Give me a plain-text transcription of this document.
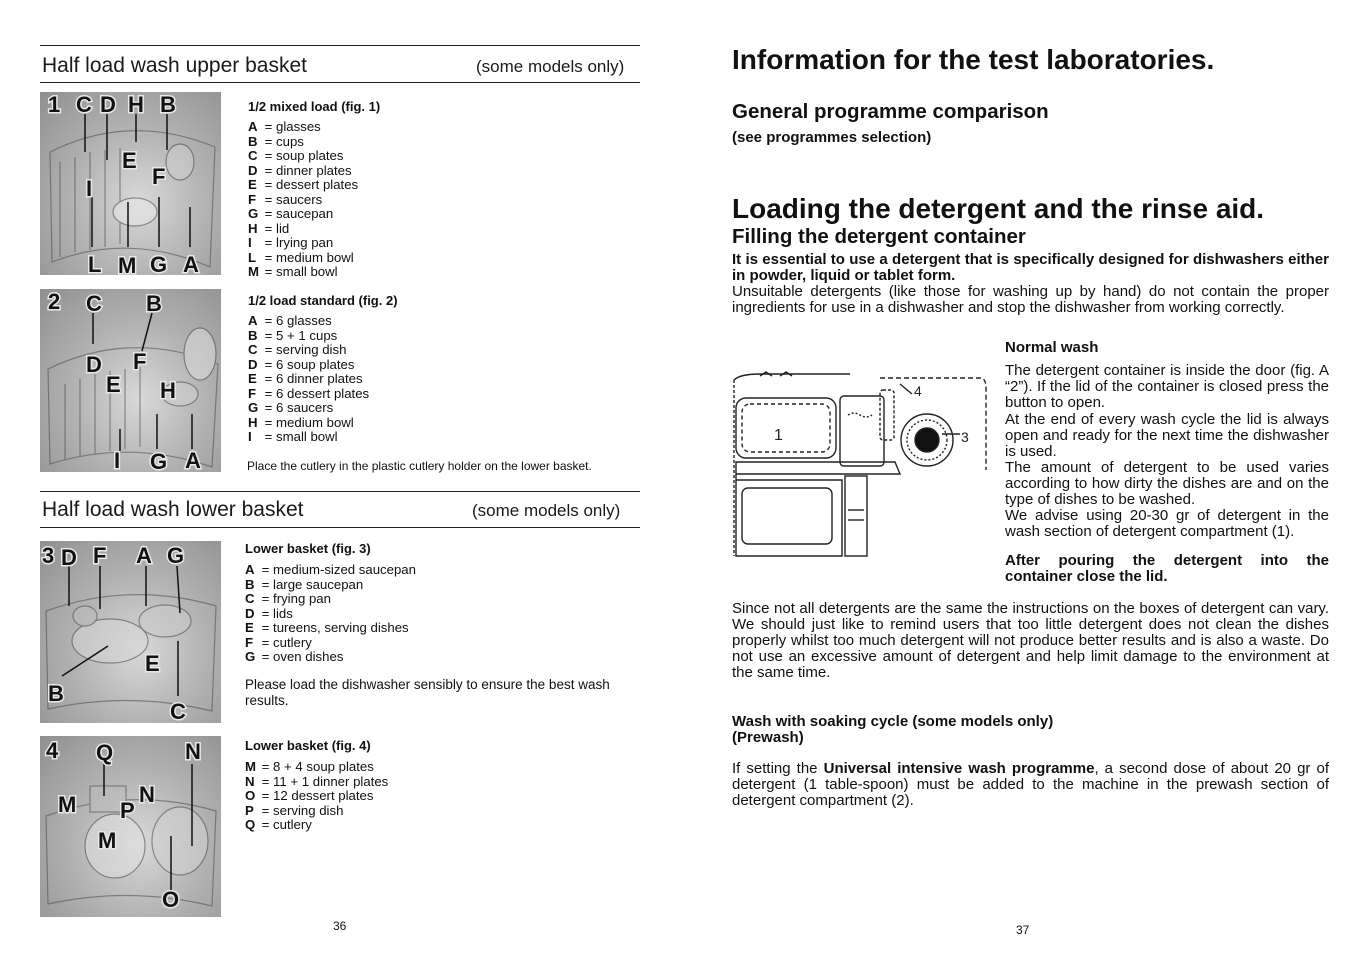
Half load wash upper basket	(some models only)
1 C D H B
E
F
I
L M G A
1/2 mixed load (fig. 1)
A = glasses
B = cups
C = soup plates
D = dinner plates
E = dessert plates
F = saucers
G = saucepan
H = lid
I = lrying pan
L = medium bowl
M = small bowl
2 C B
D F
E H
I G A
1/2 load standard (fig. 2)
A = 6 glasses
B = 5 + 1 cups
C = serving dish
D = 6 soup plates
E = 6 dinner plates
F = 6 dessert plates
G = 6 saucers
H = medium bowl
I = small bowl
Place the cutlery in the plastic cutlery holder on the lower basket.
Half load wash lower basket	(some models only)
3 D F A G
E
B
C
Lower basket (fig. 3)
A = medium-sized saucepan
B = large saucepan
C = frying pan
D = lids
E = tureens, serving dishes
F = cutlery
G = oven dishes
Please load the dishwasher sensibly to ensure the best wash results.
4 Q	N
M	N
P
M
O
Lower basket (fig. 4)
M = 8 + 4 soup plates
N = 11 + 1 dinner plates
O = 12 dessert plates
P = serving dish
Q = cutlery
36
Information for the test laboratories.
General programme comparison
(see programmes selection)
Loading the detergent and the rinse aid.
Filling the detergent container
It is essential to use a detergent that is specifically designed for dishwashers either in powder, liquid or tablet form.
Unsuitable detergents (like those for washing up by hand) do not contain the proper ingredients for use in a dishwasher and stop the dishwasher from working correctly.
1
4
3
Normal wash
The detergent container is inside the door (fig. A “2”). If the lid of the container is closed press the button to open.
At the end of every wash cycle the lid is always open and ready for the next time the dishwasher is used.
The amount of detergent to be used varies according to how dirty the dishes are and on the type of dishes to be washed.
We advise using 20-30 gr of detergent in the wash section of detergent compartment (1).
After pouring the detergent into the container close the lid.
Since not all detergents are the same the instructions on the boxes of detergent can vary. We should just like to remind users that too little detergent does not clean the dishes properly whilst too much detergent will not produce better results and is also a waste. Do not use an excessive amount of detergent and help limit damage to the environment at the same time.
Wash with soaking cycle (some models only)
(Prewash)
If setting the Universal intensive wash programme, a second dose of about 20 gr of detergent (1 table-spoon) must be added to the machine in the prewash section of detergent compartment (2).
37
